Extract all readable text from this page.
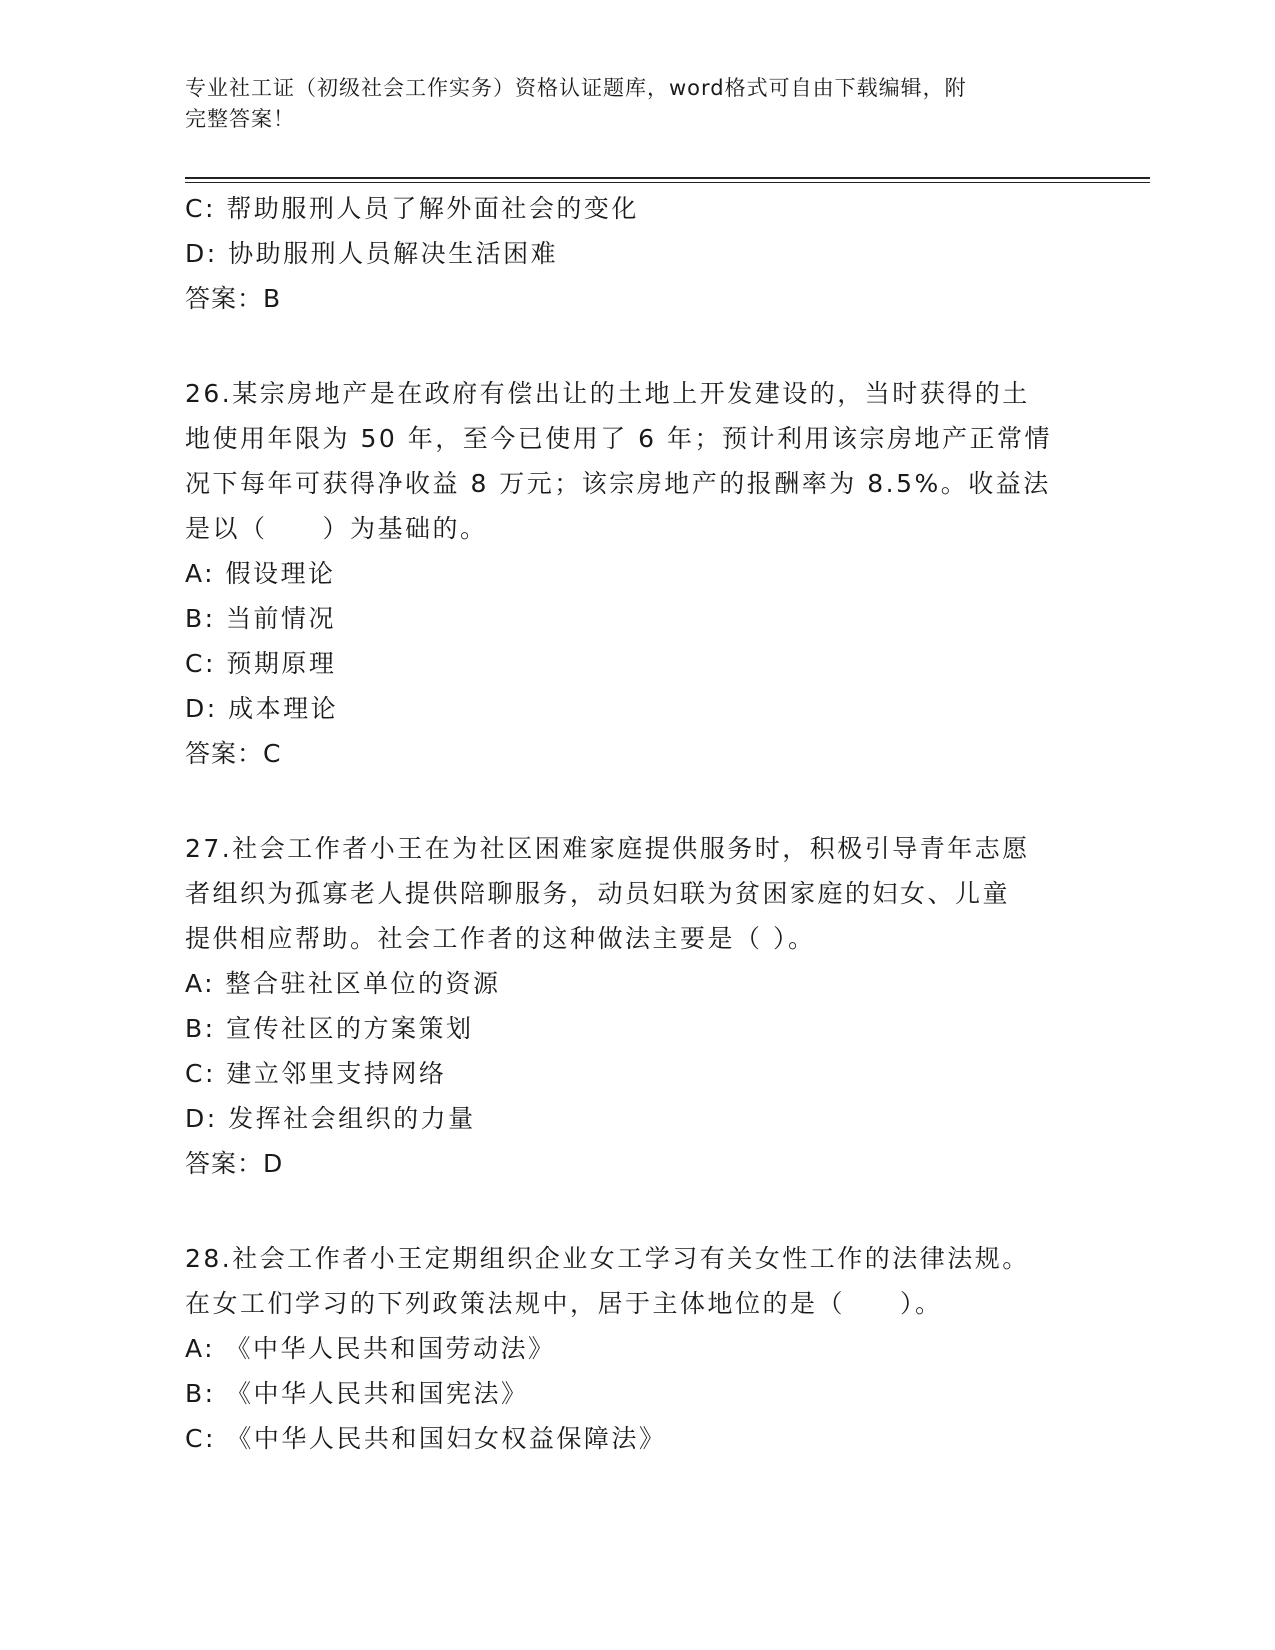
专业社工证（初级社会工作实务）资格认证题库，word格式可自由下载编辑，附
完整答案！
C: 帮助服刑人员了解外面社会的变化
D: 协助服刑人员解决生活困难
答案：B
26.某宗房地产是在政府有偿出让的土地上开发建设的，当时获得的土
地使用年限为 50 年，至今已使用了 6 年；预计利用该宗房地产正常情
况下每年可获得净收益 8 万元；该宗房地产的报酬率为 8.5%。收益法
是以（　　）为基础的。
A: 假设理论
B: 当前情况
C: 预期原理
D: 成本理论
答案：C
27.社会工作者小王在为社区困难家庭提供服务时，积极引导青年志愿
者组织为孤寡老人提供陪聊服务，动员妇联为贫困家庭的妇女、儿童
提供相应帮助。社会工作者的这种做法主要是（ ）。
A: 整合驻社区单位的资源
B: 宣传社区的方案策划
C: 建立邻里支持网络
D: 发挥社会组织的力量
答案：D
28.社会工作者小王定期组织企业女工学习有关女性工作的法律法规。
在女工们学习的下列政策法规中，居于主体地位的是（　　）。
A: 《中华人民共和国劳动法》
B: 《中华人民共和国宪法》
C: 《中华人民共和国妇女权益保障法》
